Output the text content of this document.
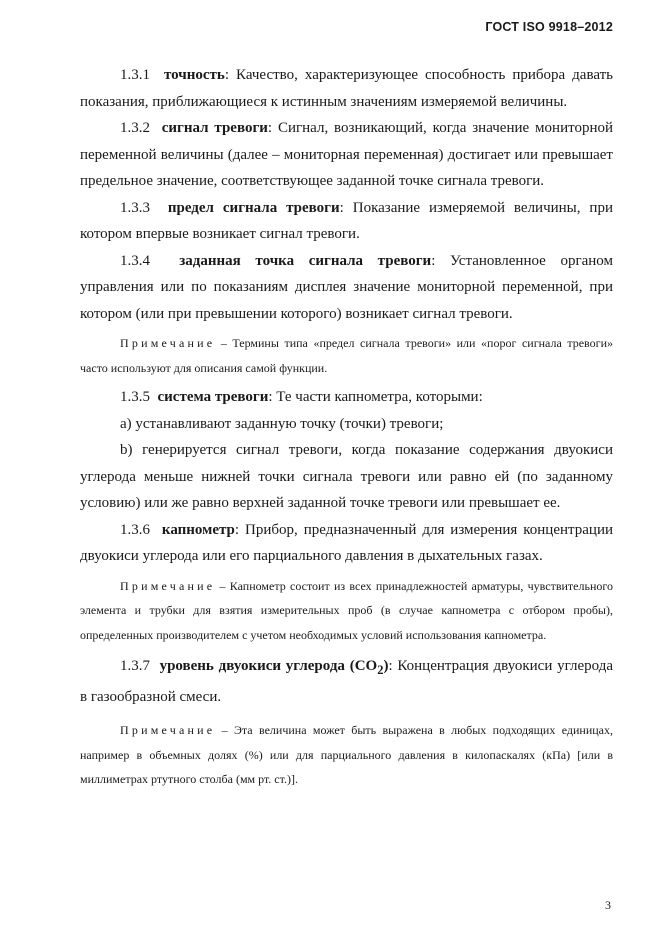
ГОСТ ISO 9918–2012

1.3.1 точность: Качество, характеризующее способность прибора давать показания, приближающиеся к истинным значениям измеряемой величины.

1.3.2 сигнал тревоги: Сигнал, возникающий, когда значение мониторной переменной величины (далее – мониторная переменная) достигает или превышает предельное значение, соответствующее заданной точке сигнала тревоги.

1.3.3 предел сигнала тревоги: Показание измеряемой величины, при котором впервые возникает сигнал тревоги.

1.3.4 заданная точка сигнала тревоги: Установленное органом управления или по показаниям дисплея значение мониторной переменной, при котором (или при превышении которого) возникает сигнал тревоги.

Примечание – Термины типа «предел сигнала тревоги» или «порог сигнала тревоги» часто используют для описания самой функции.

1.3.5 система тревоги: Те части капнометра, которыми:

a) устанавливают заданную точку (точки) тревоги;

b) генерируется сигнал тревоги, когда показание содержания двуокиси углерода меньше нижней точки сигнала тревоги или равно ей (по заданному условию) или же равно верхней заданной точке тревоги или превышает ее.

1.3.6 капнометр: Прибор, предназначенный для измерения концентрации двуокиси углерода или его парциального давления в дыхательных газах.

Примечание – Капнометр состоит из всех принадлежностей арматуры, чувствительного элемента и трубки для взятия измерительных проб (в случае капнометра с отбором пробы), определенных производителем с учетом необходимых условий использования капнометра.

1.3.7 уровень двуокиси углерода $(CO_2)$: Концентрация двуокиси углерода в газообразной смеси.

Примечание – Эта величина может быть выражена в любых подходящих единицах, например в объемных долях (%) или для парциального давления в килопаскалях (кПа) [или в миллиметрах ртутного столба (мм рт. ст.)].

3
